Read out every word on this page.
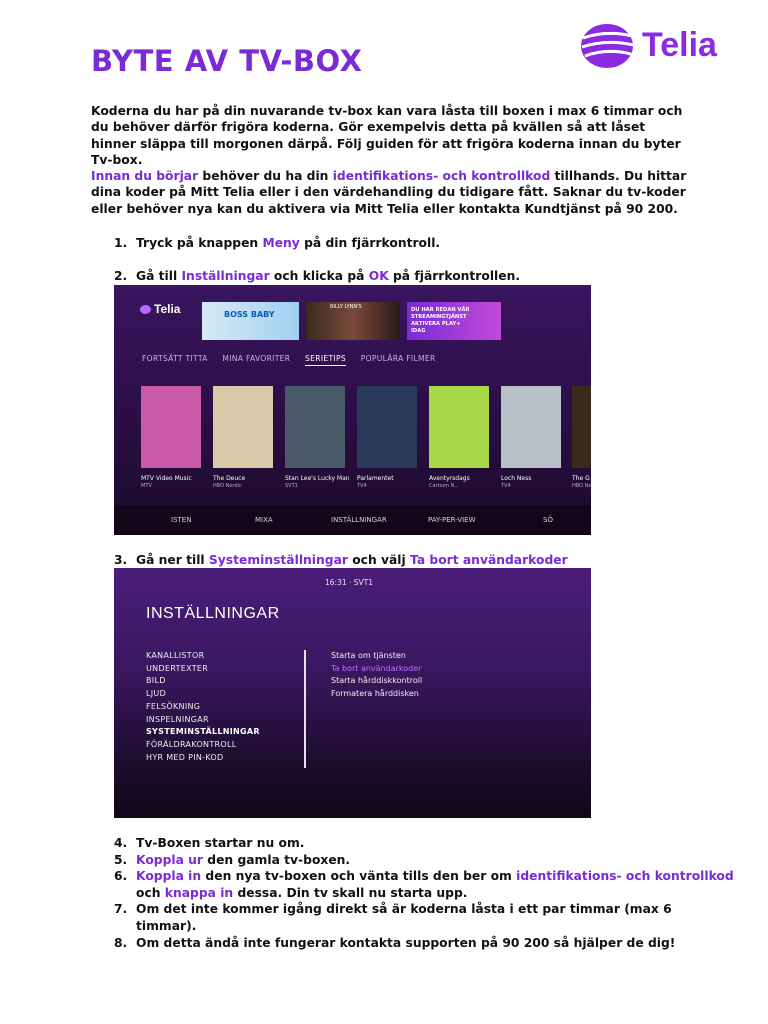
BYTE AV TV-BOX	Telia
Koderna du har på din nuvarande tv-box kan vara låsta till boxen i max 6 timmar och du behöver därför frigöra koderna. Gör exempelvis detta på kvällen så att låset hinner släppa till morgonen därpå. Följ guiden för att frigöra koderna innan du byter Tv-box.
Innan du börjar behöver du ha din identifikations- och kontrollkod tillhands. Du hittar dina koder på Mitt Telia eller i den värdehandling du tidigare fått. Saknar du tv-koder eller behöver nya kan du aktivera via Mitt Telia eller kontakta Kundtjänst på 90 200.
1. Tryck på knappen Meny på din fjärrkontroll.
2. Gå till Inställningar och klicka på OK på fjärrkontrollen.
Telia	BOSS BABY
BILLY LYNN'S	DU HAR REDAN VÅR STREAMINGTJÄNST AKTIVERA PLAY+ IDAG
FORTSÄTT TITTA MINA FAVORITER SERIETIPS POPULÄRA FILMER
MTV Video Music
MTV
The Deuce
HBO Nordic
Stan Lee's Lucky Man
SVT1
Parlamentet
TV4
Äventyrsdags
Cartoon N...
Loch Ness
TV4
The G
HBO Ne
ISTEN	MIXA	INSTÄLLNINGAR	PAY-PER-VIEW	SÖ
3. Gå ner till Systeminställningar och välj Ta bort användarkoder
16:31 · SVT1
INSTÄLLNINGAR
KANALLISTOR
UNDERTEXTER
BILD
LJUD
FELSÖKNING
INSPELNINGAR
SYSTEMINSTÄLLNINGAR
FÖRÄLDRAKONTROLL
HYR MED PIN-KOD
Starta om tjänsten
Ta bort användarkoder
Starta hårddiskkontroll
Formatera hårddisken
4. Tv-Boxen startar nu om.
5. Koppla ur den gamla tv-boxen.
6. Koppla in den nya tv-boxen och vänta tills den ber om identifikations- och kontrollkod och knappa in dessa. Din tv skall nu starta upp.
7. Om det inte kommer igång direkt så är koderna låsta i ett par timmar (max 6 timmar).
8. Om detta ändå inte fungerar kontakta supporten på 90 200 så hjälper de dig!
